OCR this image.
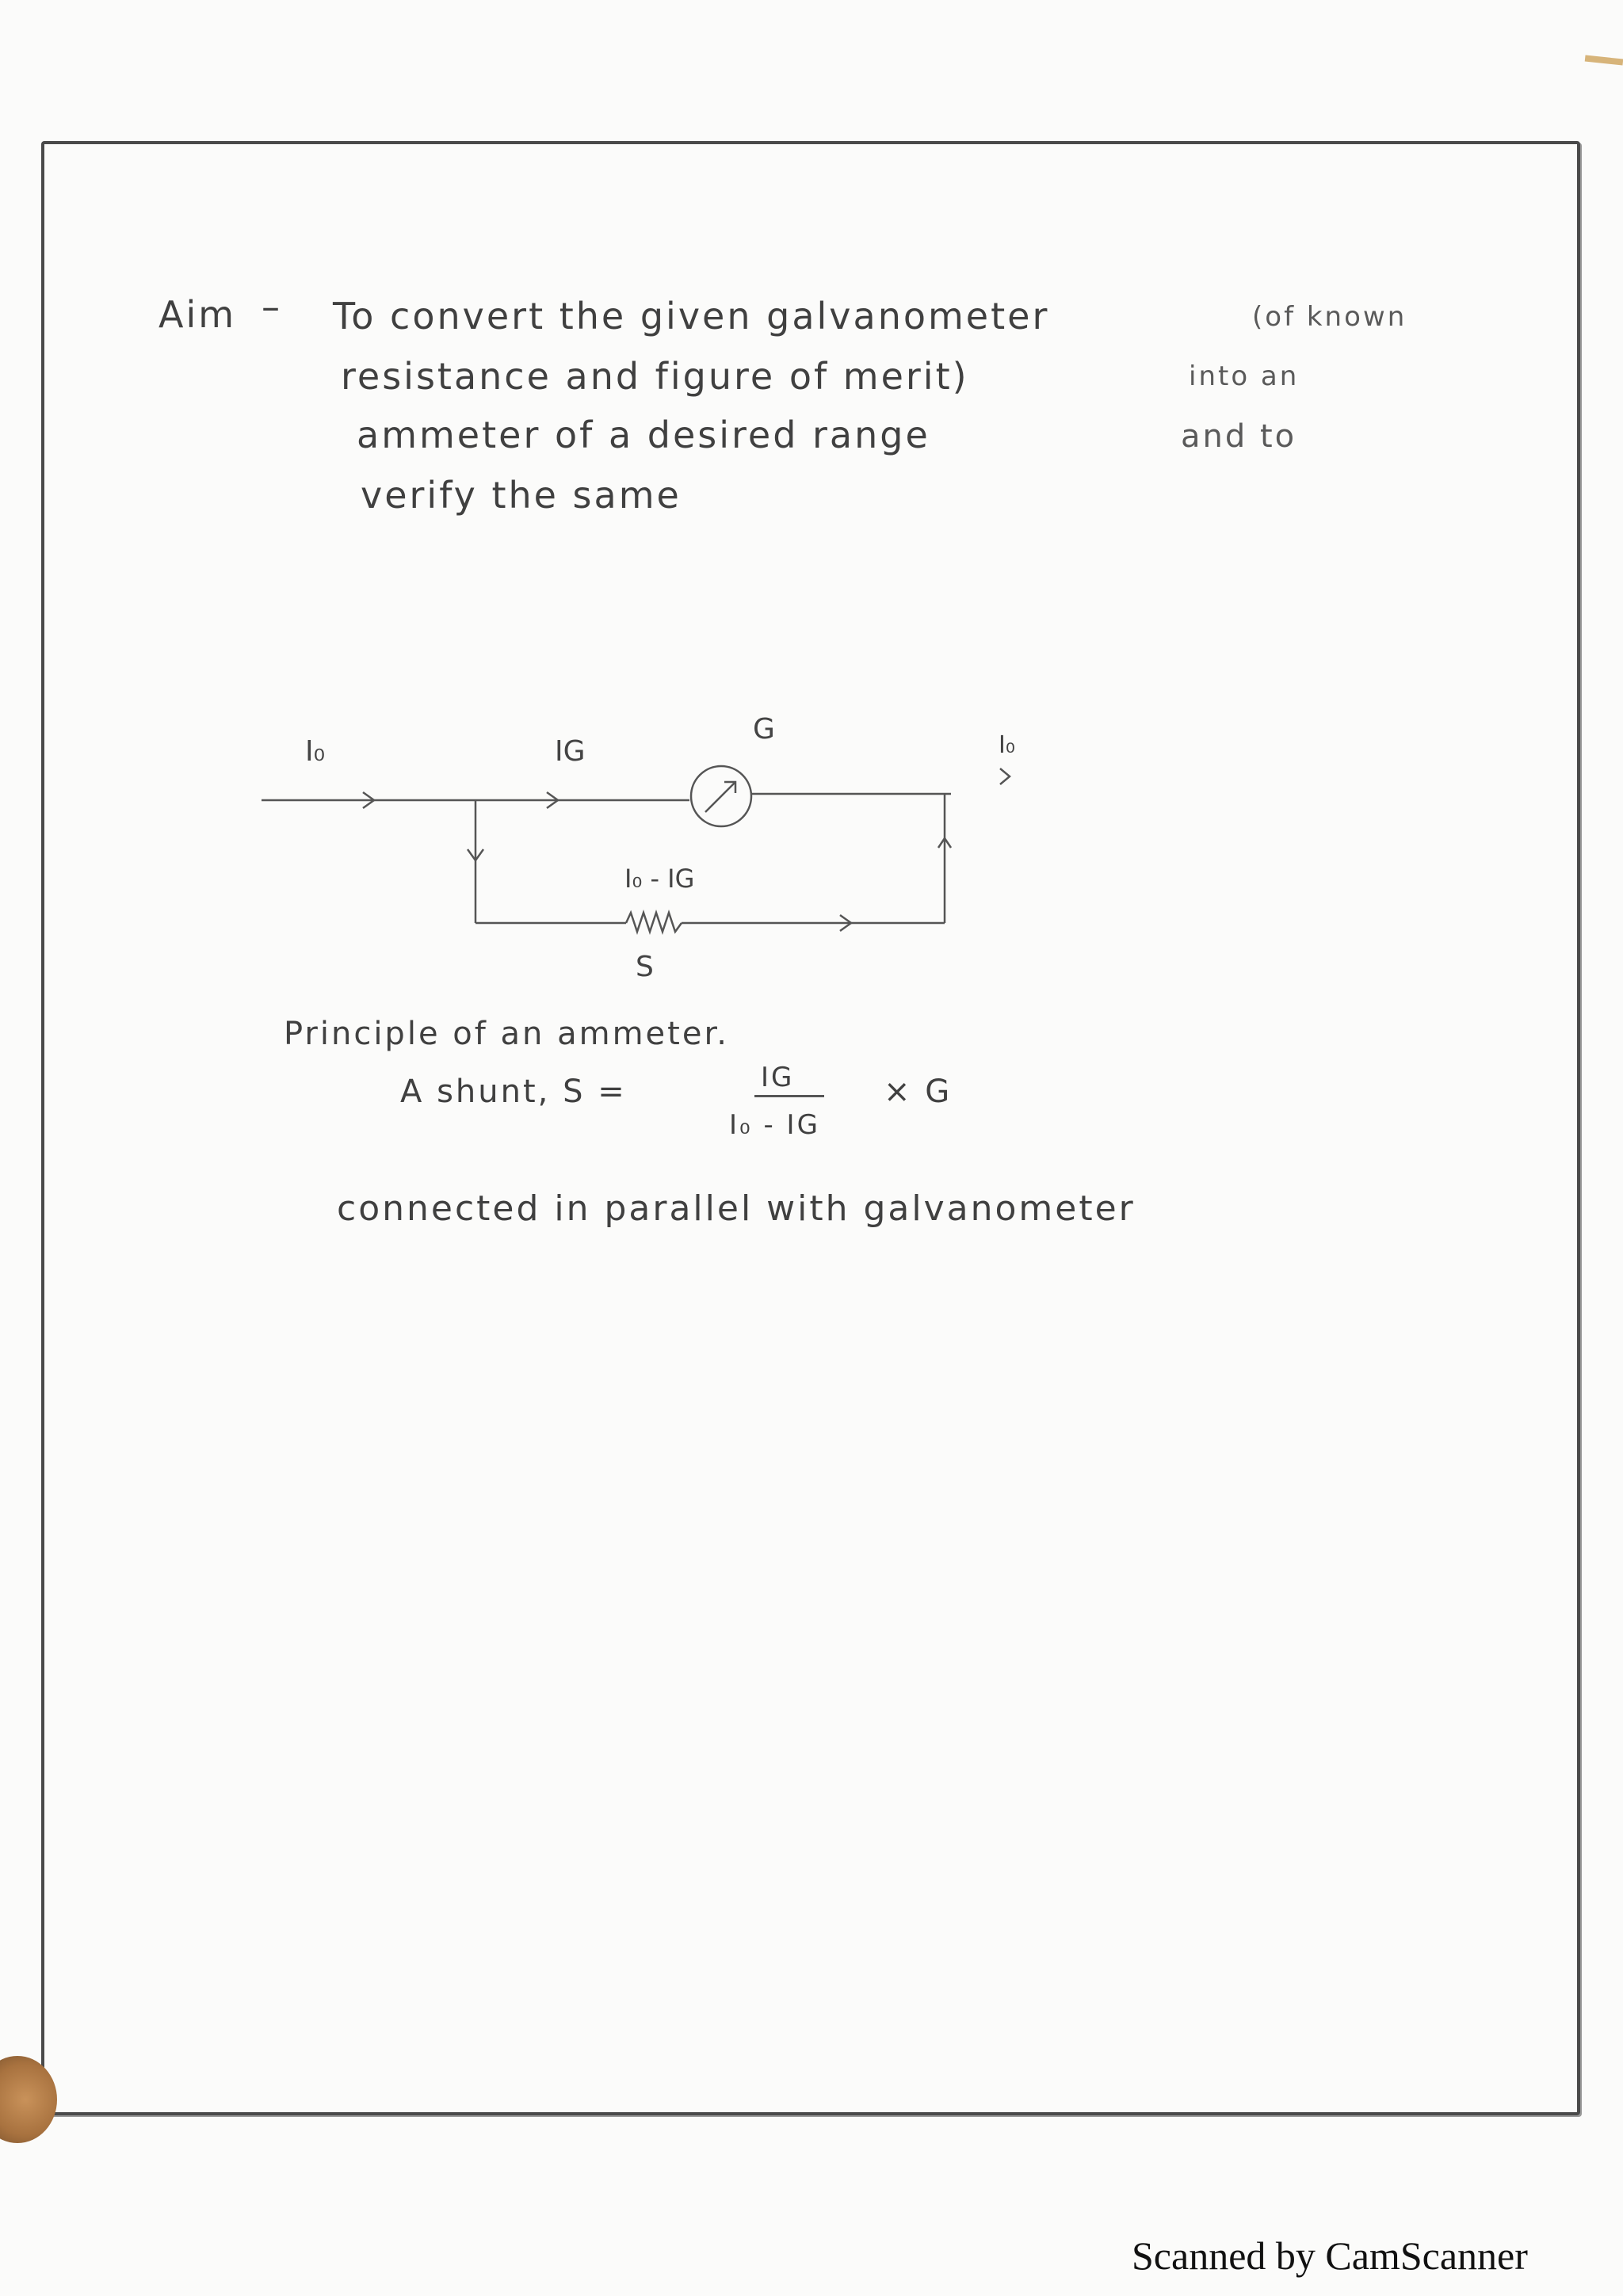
Aim – To convert the given galvanometer	(of known
resistance and figure of merit)	into an
ammeter of a desired range	and to
verify the same
I₀	IG
G	I₀
I₀ - IG
S
Principle of an ammeter.
A shunt, S =	IG
I₀ - IG
× G
connected in parallel with galvanometer
Scanned by CamScanner
